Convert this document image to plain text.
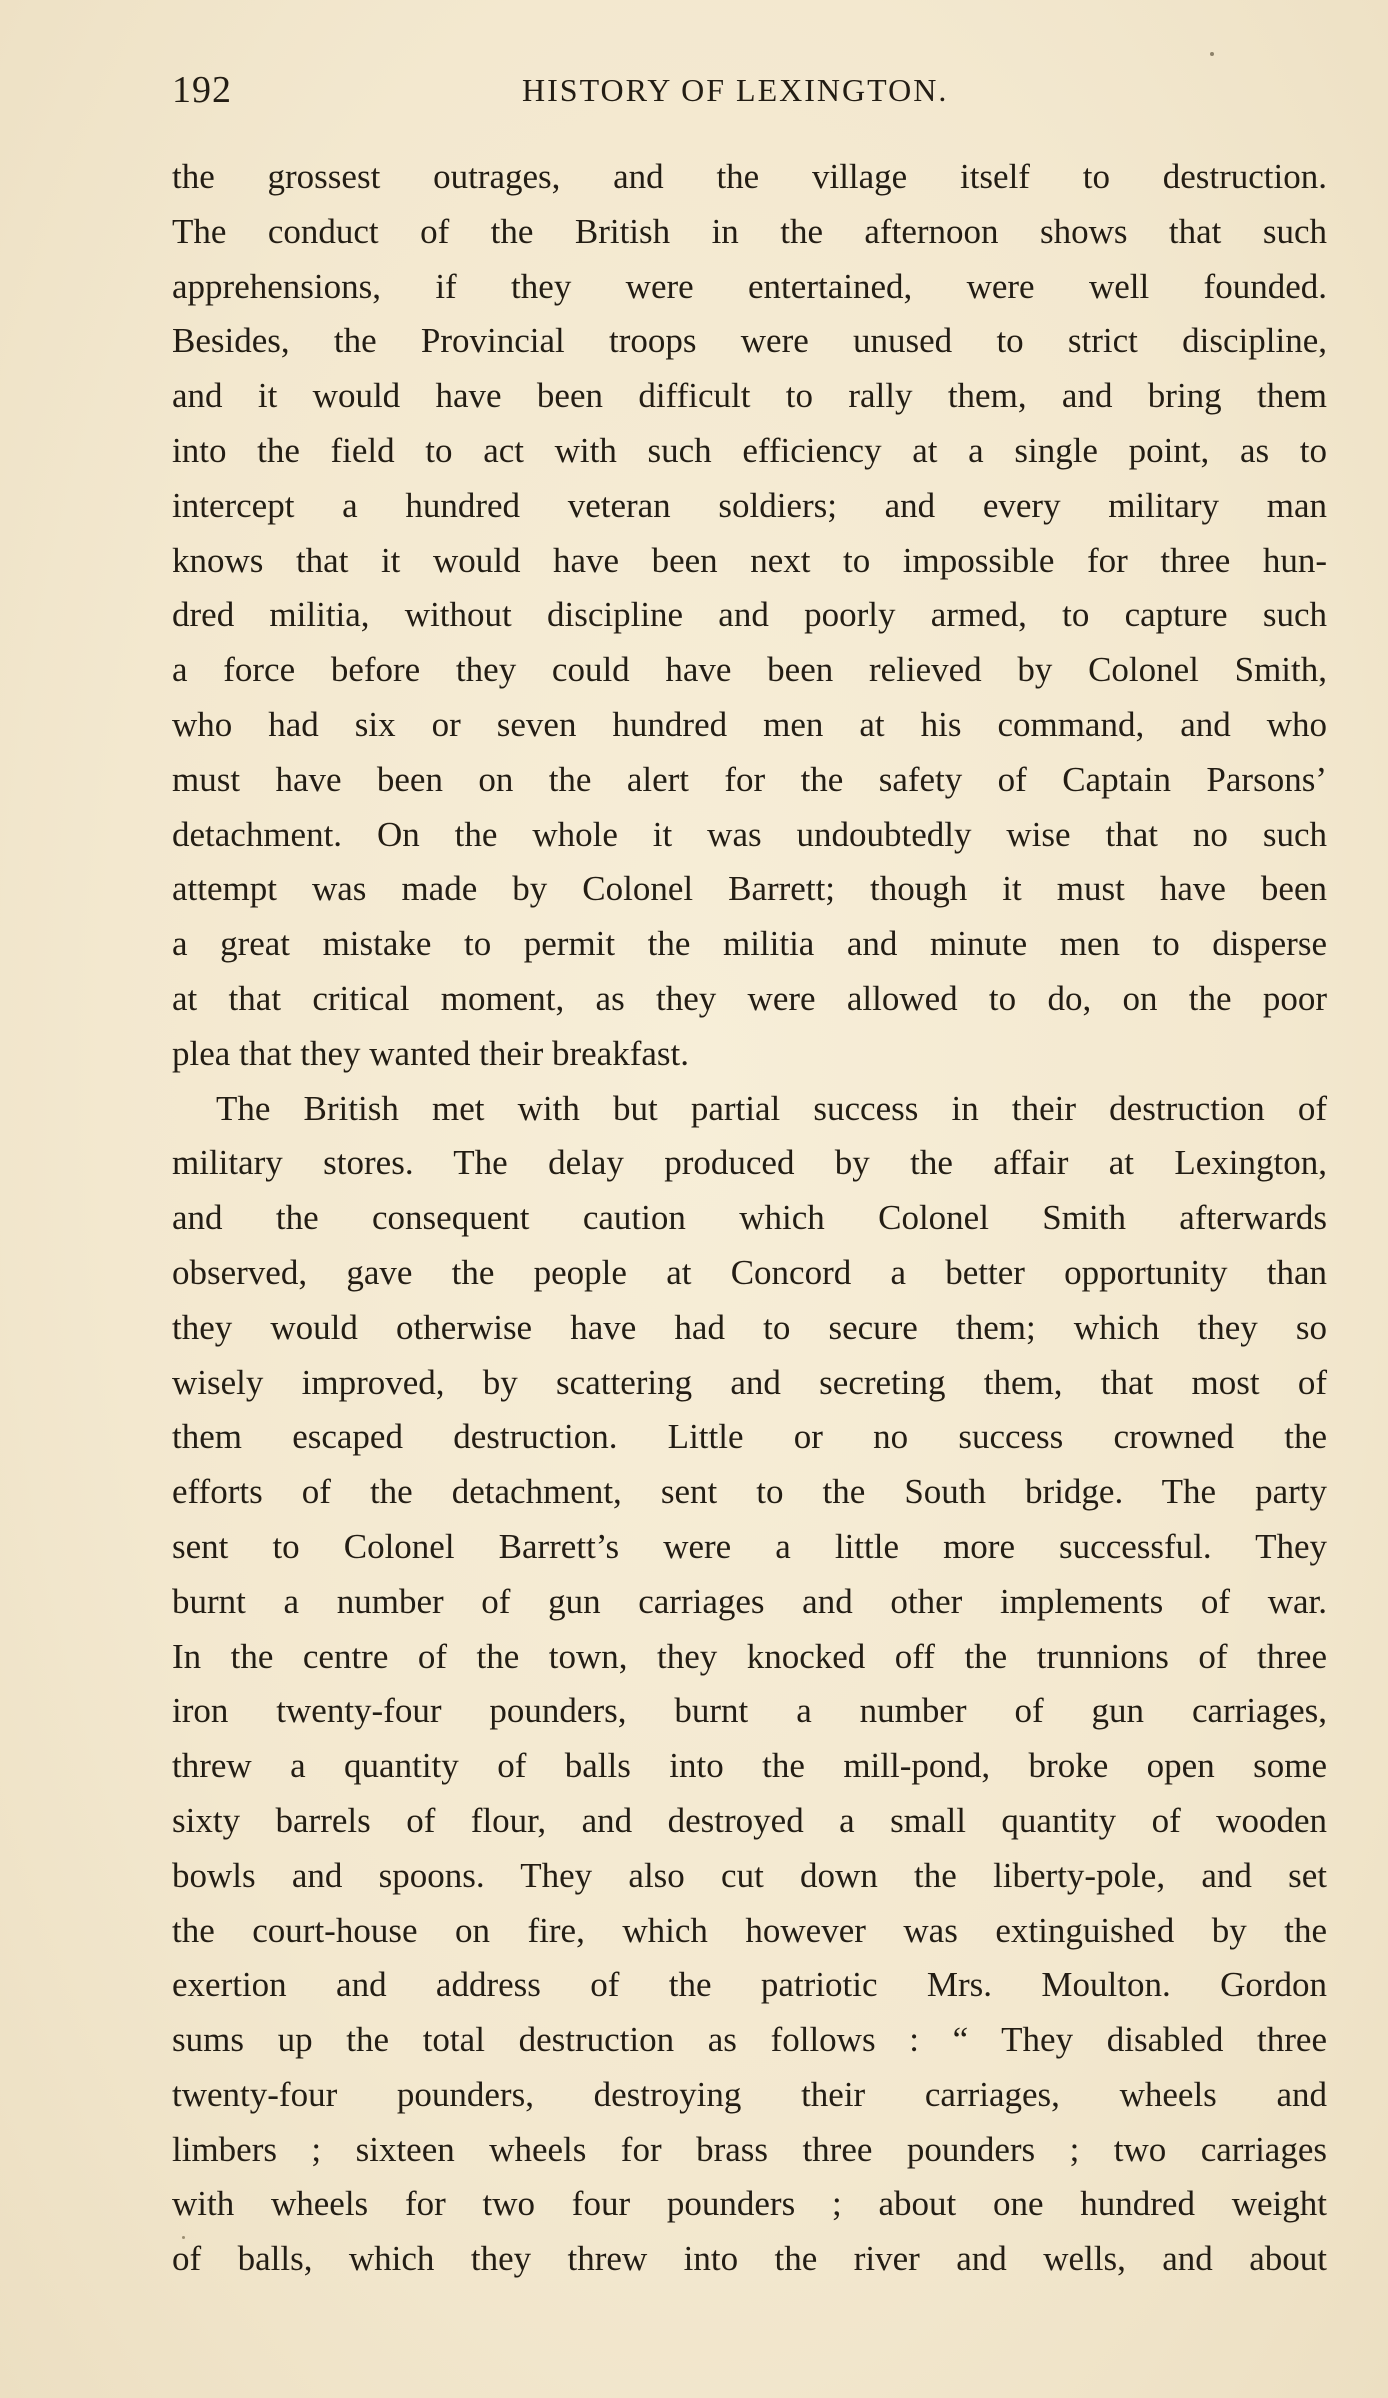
192	HISTORY OF LEXINGTON.
the grossest outrages, and the village itself to destruction.
The conduct of the British in the afternoon shows that such
apprehensions, if they were entertained, were well founded.
Besides, the Provincial troops were unused to strict discipline,
and it would have been difficult to rally them, and bring them
into the field to act with such efficiency at a single point, as to
intercept a hundred veteran soldiers; and every military man
knows that it would have been next to impossible for three hun-
dred militia, without discipline and poorly armed, to capture such
a force before they could have been relieved by Colonel Smith,
who had six or seven hundred men at his command, and who
must have been on the alert for the safety of Captain Parsons’
detachment. On the whole it was undoubtedly wise that no such
attempt was made by Colonel Barrett; though it must have been
a great mistake to permit the militia and minute men to disperse
at that critical moment, as they were allowed to do, on the poor
plea that they wanted their breakfast.
The British met with but partial success in their destruction of
military stores. The delay produced by the affair at Lexington,
and the consequent caution which Colonel Smith afterwards
observed, gave the people at Concord a better opportunity than
they would otherwise have had to secure them; which they so
wisely improved, by scattering and secreting them, that most of
them escaped destruction. Little or no success crowned the
efforts of the detachment, sent to the South bridge. The party
sent to Colonel Barrett’s were a little more successful. They
burnt a number of gun carriages and other implements of war.
In the centre of the town, they knocked off the trunnions of three
iron twenty-four pounders, burnt a number of gun carriages,
threw a quantity of balls into the mill-pond, broke open some
sixty barrels of flour, and destroyed a small quantity of wooden
bowls and spoons. They also cut down the liberty-pole, and set
the court-house on fire, which however was extinguished by the
exertion and address of the patriotic Mrs. Moulton. Gordon
sums up the total destruction as follows : “ They disabled three
twenty-four pounders, destroying their carriages, wheels and
limbers ; sixteen wheels for brass three pounders ; two carriages
with wheels for two four pounders ; about one hundred weight
of balls, which they threw into the river and wells, and about
